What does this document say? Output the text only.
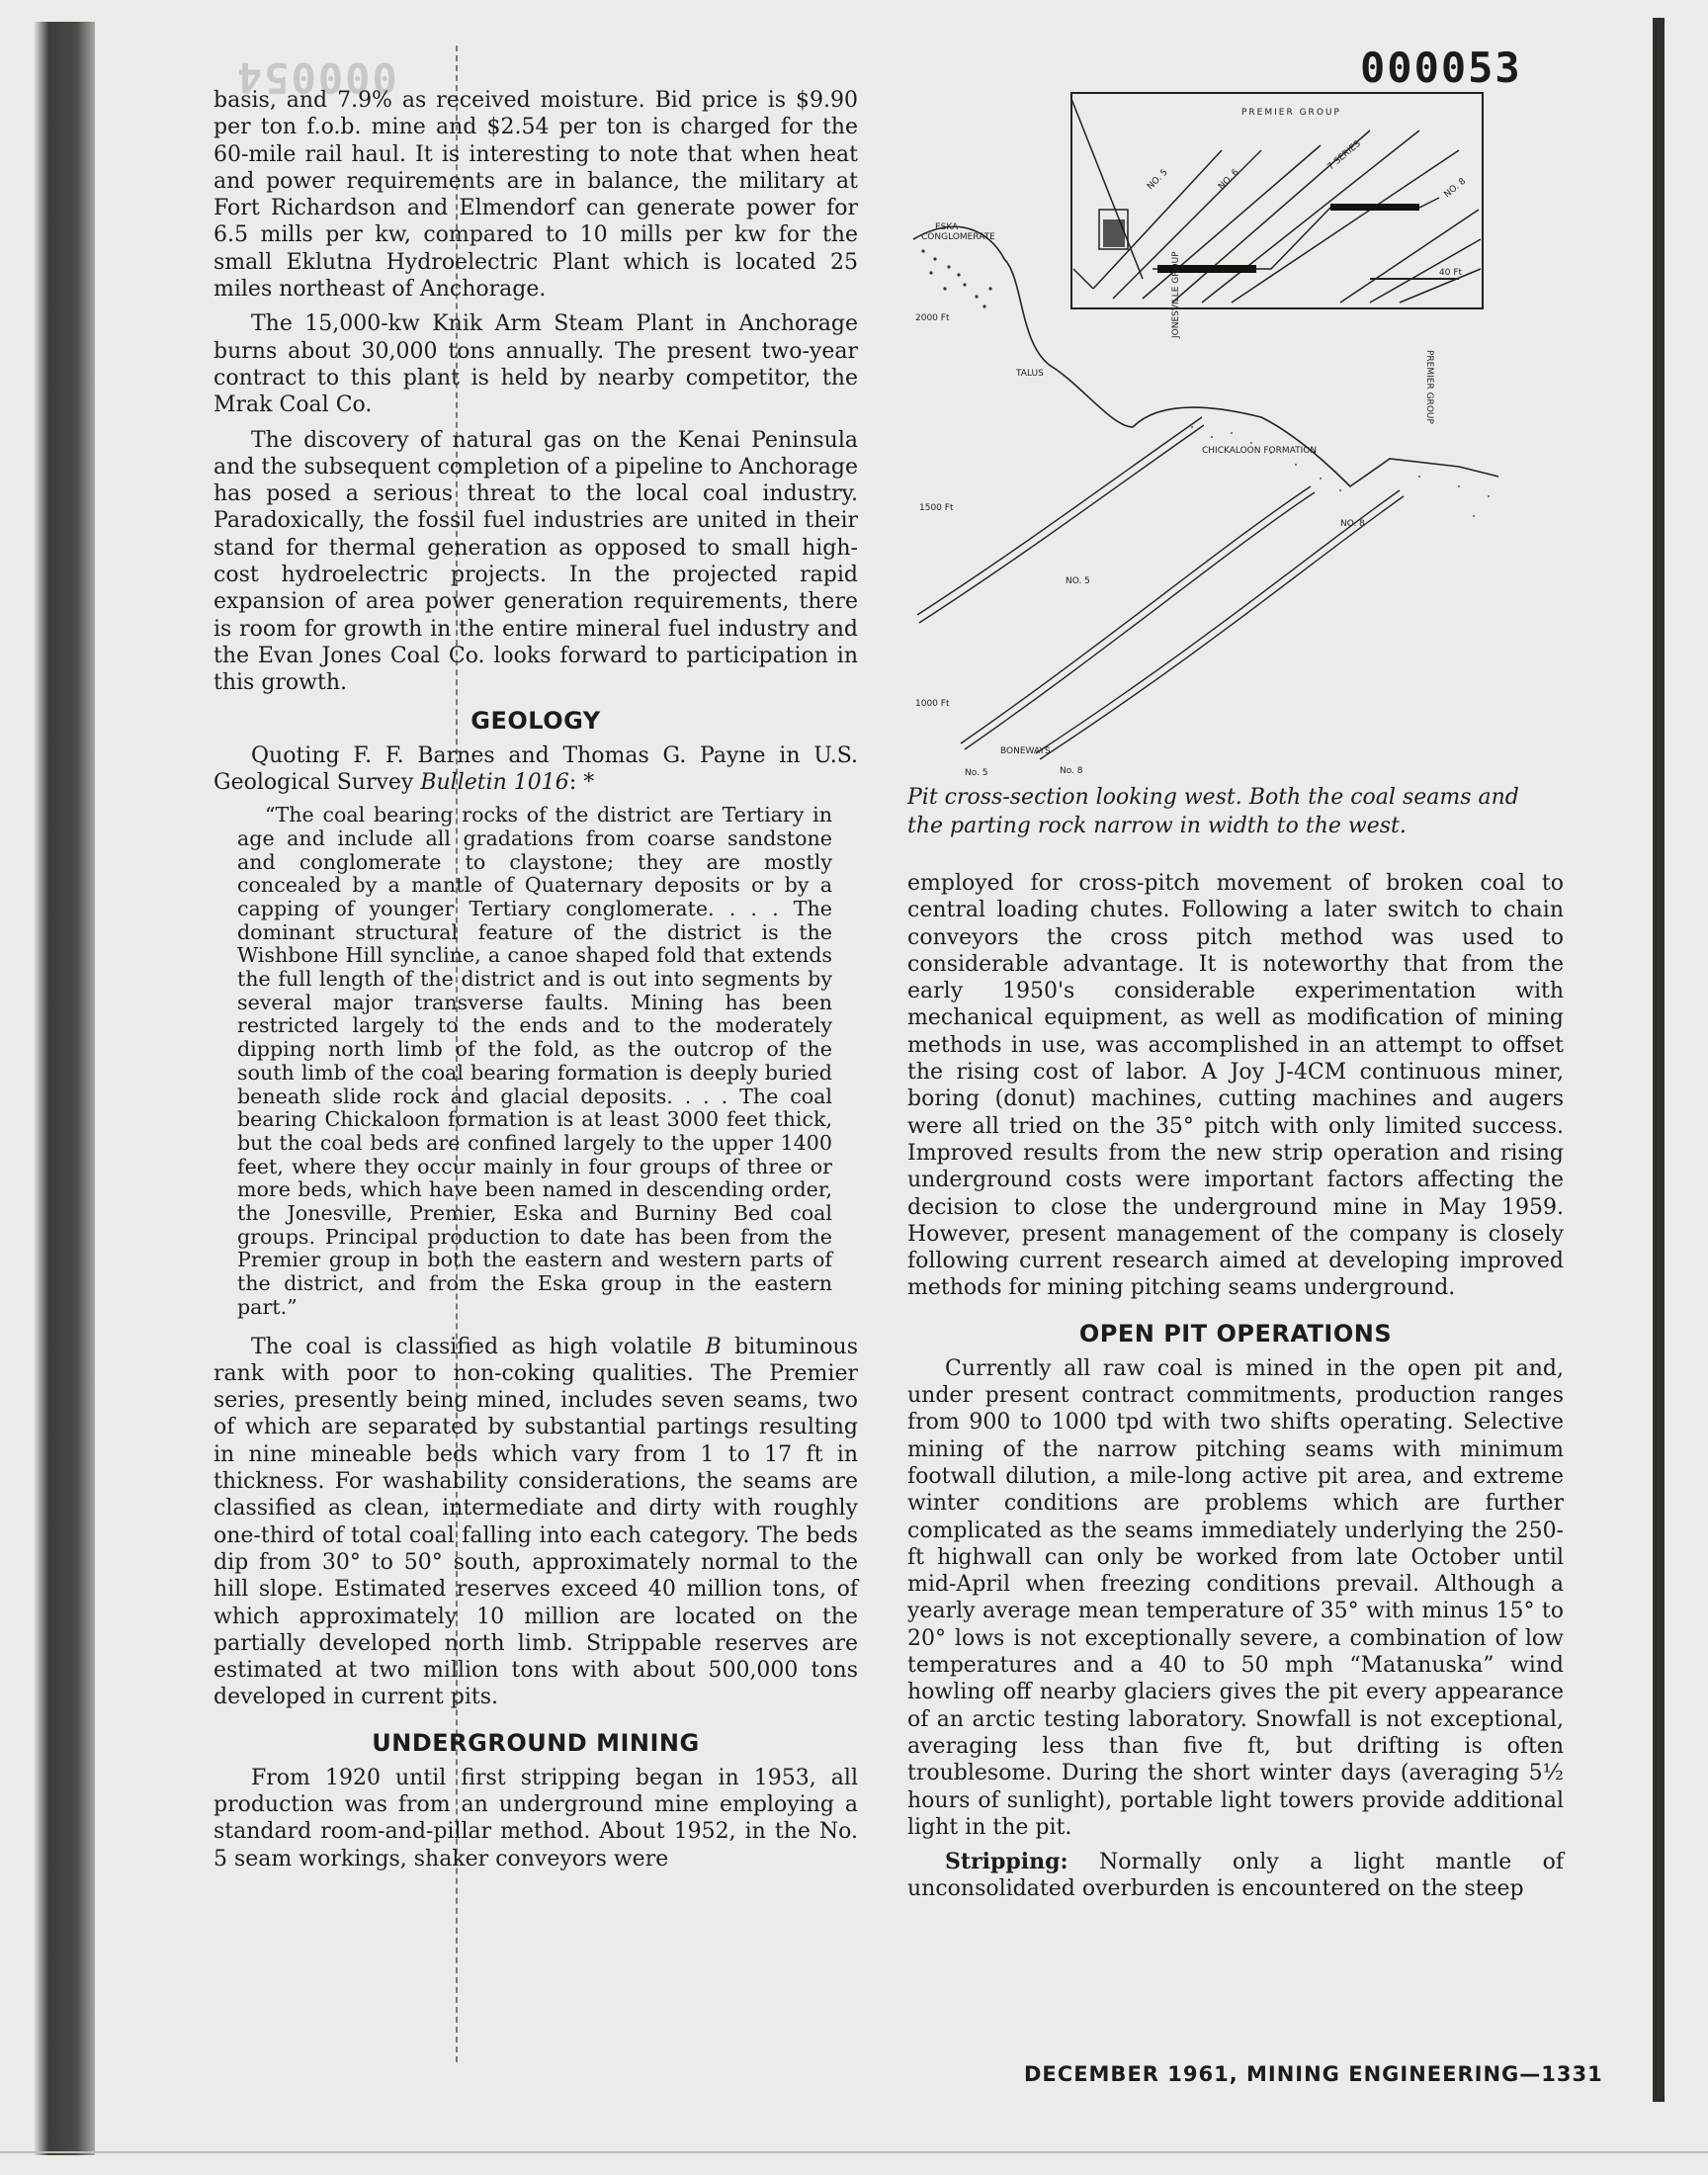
000054	000053

basis, and 7.9% as received moisture. Bid price is $9.90 per ton f.o.b. mine and $2.54 per ton is charged for the 60-mile rail haul. It is interesting to note that when heat and power requirements are in balance, the military at Fort Richardson and Elmendorf can generate power for 6.5 mills per kw, compared to 10 mills per kw for the small Eklutna Hydroelectric Plant which is located 25 miles northeast of Anchorage.

The 15,000-kw Knik Arm Steam Plant in Anchorage burns about 30,000 tons annually. The present two-year contract to this plant is held by nearby competitor, the Mrak Coal Co.

The discovery of natural gas on the Kenai Peninsula and the subsequent completion of a pipeline to Anchorage has posed a serious threat to the local coal industry. Paradoxically, the fossil fuel industries are united in their stand for thermal generation as opposed to small high-cost hydroelectric projects. In the projected rapid expansion of area power generation requirements, there is room for growth in the entire mineral fuel industry and the Evan Jones Coal Co. looks forward to participation in this growth.

GEOLOGY

Quoting F. F. Barnes and Thomas G. Payne in U.S. Geological Survey Bulletin 1016: *

“The coal bearing rocks of the district are Tertiary in age and include all gradations from coarse sandstone and conglomerate to claystone; they are mostly concealed by a mantle of Quaternary deposits or by a capping of younger Tertiary conglomerate. . . . The dominant structural feature of the district is the Wishbone Hill syncline, a canoe shaped fold that extends the full length of the district and is out into segments by several major transverse faults. Mining has been restricted largely to the ends and to the moderately dipping north limb of the fold, as the outcrop of the south limb of the coal bearing formation is deeply buried beneath slide rock and glacial deposits. . . . The coal bearing Chickaloon formation is at least 3000 feet thick, but the coal beds are confined largely to the upper 1400 feet, where they occur mainly in four groups of three or more beds, which have been named in descending order, the Jonesville, Premier, Eska and Burniny Bed coal groups. Principal production to date has been from the Premier group in both the eastern and western parts of the district, and from the Eska group in the eastern part.”

The coal is classified as high volatile B bituminous rank with poor to non-coking qualities. The Premier series, presently being mined, includes seven seams, two of which are separated by substantial partings resulting in nine mineable beds which vary from 1 to 17 ft in thickness. For washability considerations, the seams are classified as clean, intermediate and dirty with roughly one-third of total coal falling into each category. The beds dip from 30° to 50° south, approximately normal to the hill slope. Estimated reserves exceed 40 million tons, of which approximately 10 million are located on the partially developed north limb. Strippable reserves are estimated at two million tons with about 500,000 tons developed in current pits.

UNDERGROUND MINING

From 1920 until first stripping began in 1953, all production was from an underground mine employing a standard room-and-pillar method. About 1952, in the No. 5 seam workings, shaker conveyors were

PREMIER GROUP
40 Ft
NO. 5	NO. 6
7 SERIES
NO. 8
ESKA
CONGLOMERATE
2000 Ft
TALUS
JONESVILLE GROUP
PREMIER GROUP
CHICKALOON FORMATION
1500 Ft
1000 Ft
NO. 5
NO. 8
No. 5
BONEWAYS
No. 8

Pit cross-section looking west. Both the coal seams and the parting rock narrow in width to the west.

employed for cross-pitch movement of broken coal to central loading chutes. Following a later switch to chain conveyors the cross pitch method was used to considerable advantage. It is noteworthy that from the early 1950's considerable experimentation with mechanical equipment, as well as modification of mining methods in use, was accomplished in an attempt to offset the rising cost of labor. A Joy J-4CM continuous miner, boring (donut) machines, cutting machines and augers were all tried on the 35° pitch with only limited success. Improved results from the new strip operation and rising underground costs were important factors affecting the decision to close the underground mine in May 1959. However, present management of the company is closely following current research aimed at developing improved methods for mining pitching seams underground.

OPEN PIT OPERATIONS

Currently all raw coal is mined in the open pit and, under present contract commitments, production ranges from 900 to 1000 tpd with two shifts operating. Selective mining of the narrow pitching seams with minimum footwall dilution, a mile-long active pit area, and extreme winter conditions are problems which are further complicated as the seams immediately underlying the 250-ft highwall can only be worked from late October until mid-April when freezing conditions prevail. Although a yearly average mean temperature of 35° with minus 15° to 20° lows is not exceptionally severe, a combination of low temperatures and a 40 to 50 mph “Matanuska” wind howling off nearby glaciers gives the pit every appearance of an arctic testing laboratory. Snowfall is not exceptional, averaging less than five ft, but drifting is often troublesome. During the short winter days (averaging 5½ hours of sunlight), portable light towers provide additional light in the pit.

Stripping: Normally only a light mantle of unconsolidated overburden is encountered on the steep

DECEMBER 1961, MINING ENGINEERING—1331
